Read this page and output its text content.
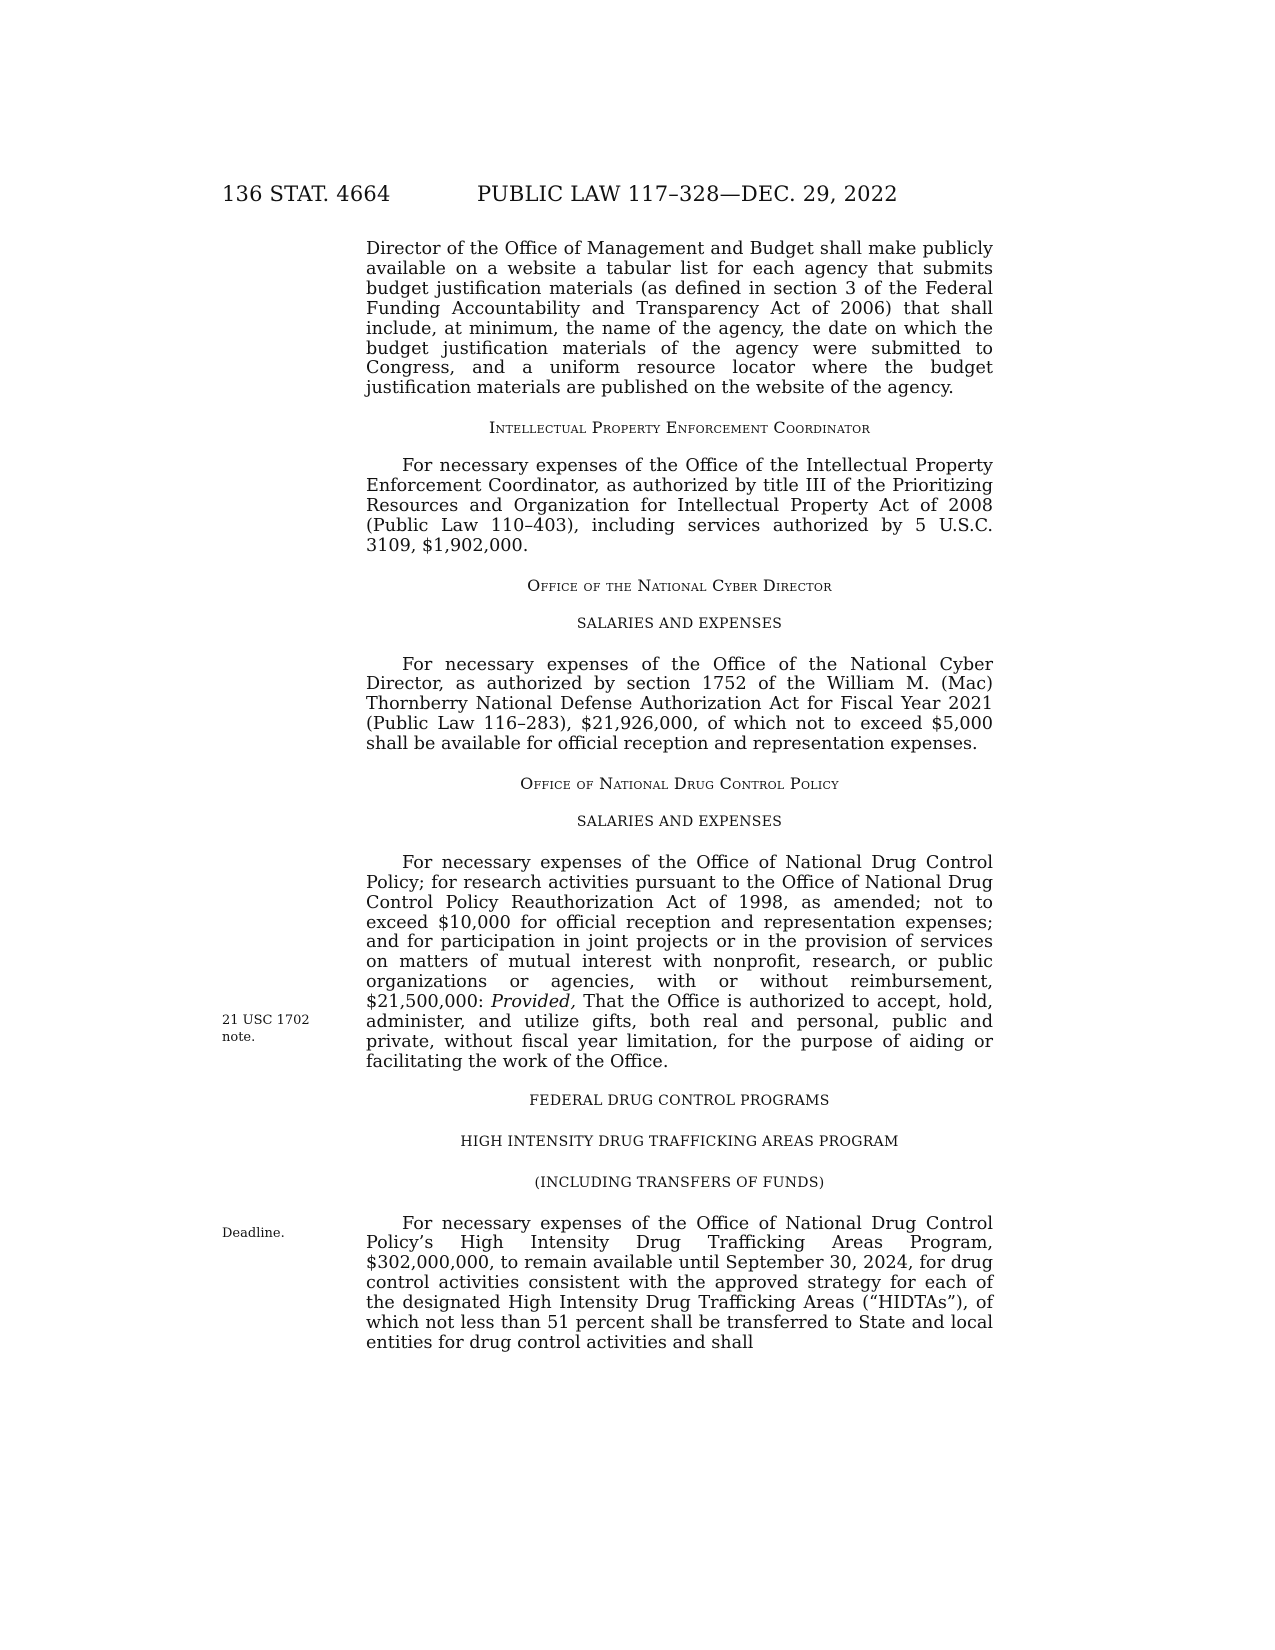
136 STAT. 4664	PUBLIC LAW 117–328—DEC. 29, 2022
21 USC 1702
note.
Deadline.

Director of the Office of Management and Budget shall make publicly available on a website a tabular list for each agency that submits budget justification materials (as defined in section 3 of the Federal Funding Accountability and Transparency Act of 2006) that shall include, at minimum, the name of the agency, the date on which the budget justification materials of the agency were submitted to Congress, and a uniform resource locator where the budget justification materials are published on the website of the agency.

Intellectual Property Enforcement Coordinator

For necessary expenses of the Office of the Intellectual Property Enforcement Coordinator, as authorized by title III of the Prioritizing Resources and Organization for Intellectual Property Act of 2008 (Public Law 110–403), including services authorized by 5 U.S.C. 3109, $1,902,000.

Office of the National Cyber Director

SALARIES AND EXPENSES

For necessary expenses of the Office of the National Cyber Director, as authorized by section 1752 of the William M. (Mac) Thornberry National Defense Authorization Act for Fiscal Year 2021 (Public Law 116–283), $21,926,000, of which not to exceed $5,000 shall be available for official reception and representation expenses.

Office of National Drug Control Policy

SALARIES AND EXPENSES

For necessary expenses of the Office of National Drug Control Policy; for research activities pursuant to the Office of National Drug Control Policy Reauthorization Act of 1998, as amended; not to exceed $10,000 for official reception and representation expenses; and for participation in joint projects or in the provision of services on matters of mutual interest with nonprofit, research, or public organizations or agencies, with or without reimbursement, $21,500,000: Provided, That the Office is authorized to accept, hold, administer, and utilize gifts, both real and personal, public and private, without fiscal year limitation, for the purpose of aiding or facilitating the work of the Office.

FEDERAL DRUG CONTROL PROGRAMS

HIGH INTENSITY DRUG TRAFFICKING AREAS PROGRAM

(INCLUDING TRANSFERS OF FUNDS)

For necessary expenses of the Office of National Drug Control Policy’s High Intensity Drug Trafficking Areas Program, $302,000,000, to remain available until September 30, 2024, for drug control activities consistent with the approved strategy for each of the designated High Intensity Drug Trafficking Areas (“HIDTAs”), of which not less than 51 percent shall be transferred to State and local entities for drug control activities and shall
